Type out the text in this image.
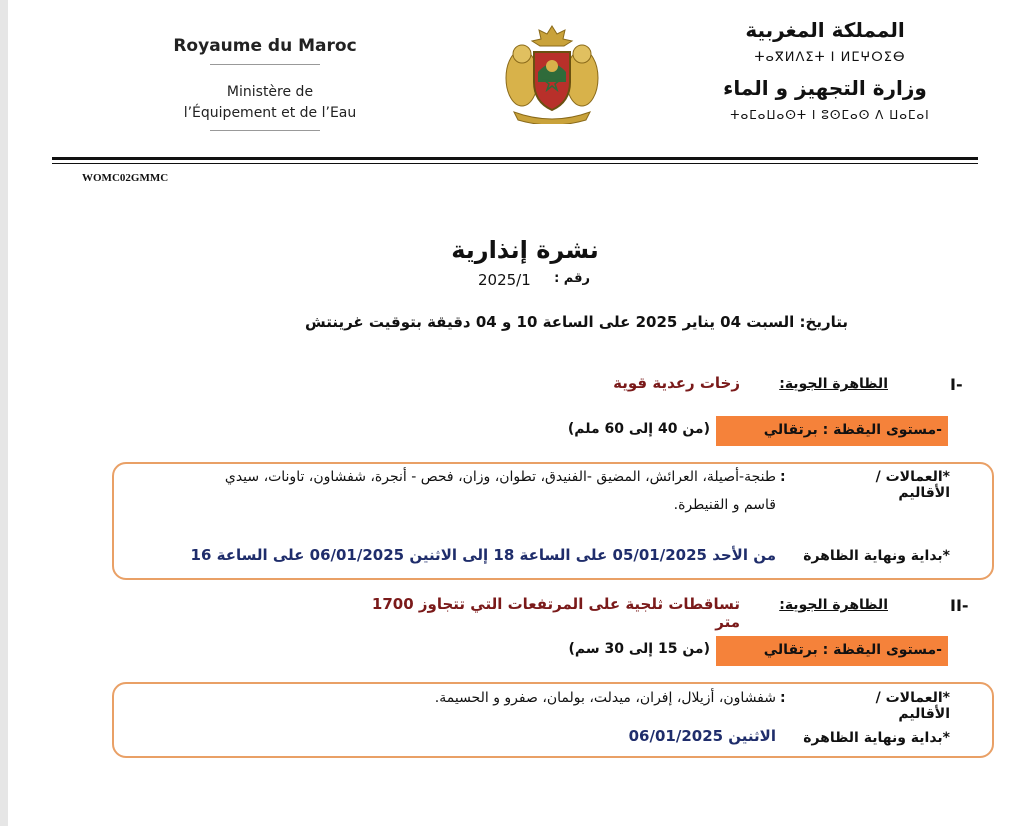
Royaume du Maroc
Ministère de
l’Équipement et de l’Eau
المملكة المغربية
ⵜⴰⴳⵍⴷⵉⵜ ⵏ ⵍⵎⵖⵔⵉⴱ
وزارة التجهيز و الماء
ⵜⴰⵎⴰⵡⴰⵙⵜ ⵏ ⵓⵙⵎⴰⵙ ⴷ ⵡⴰⵎⴰⵏ
WOMC02GMMC
نشرة إنذارية
رقم :
2025/1
بتاريخ: السبت 04 يناير 2025 على الساعة 10 و 04 دقيقة بتوقيت غرينتش
I-
الظاهرة الجوية:
زخات رعدية قوية
-مستوى اليقظة : برتقالي
(من 40 إلى 60 ملم)
*العمالات /الأقاليم
:
طنجة-أصيلة، العرائش، المضيق -الفنيدق، تطوان، وزان، فحص - أنجرة، شفشاون، تاونات، سيدي
قاسم و القنيطرة.
*بداية ونهاية الظاهرة
من الأحد 05/01/2025 على الساعة 18 إلى الاثنين 06/01/2025 على الساعة 16
II-
الظاهرة الجوية:
تساقطات ثلجية على المرتفعات التي تتجاوز 1700 متر
-مستوى اليقظة : برتقالي
(من 15 إلى 30 سم)
*العمالات /الأقاليم
:
شفشاون، أزيلال، إفران، ميدلت، بولمان، صفرو و الحسيمة.
*بداية ونهاية الظاهرة
الاثنين 06/01/2025
